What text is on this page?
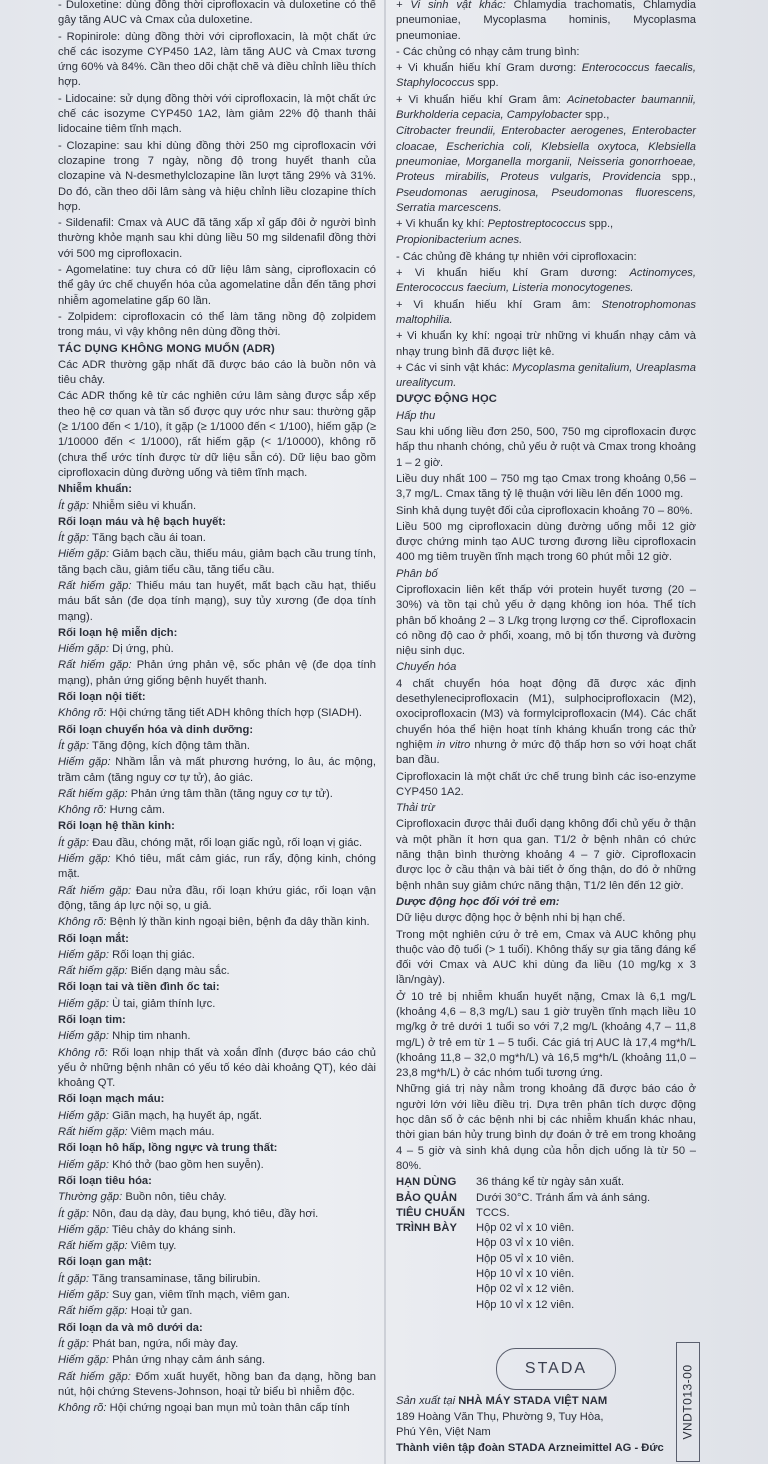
- Duloxetine: dùng đồng thời ciprofloxacin và duloxetine có thể gây tăng AUC và Cmax của duloxetine.

- Ropinirole: dùng đồng thời với ciprofloxacin, là một chất ức chế các isozyme CYP450 1A2, làm tăng AUC và Cmax tương ứng 60% và 84%. Cần theo dõi chặt chẽ và điều chỉnh liều thích hợp.

- Lidocaine: sử dụng đồng thời với ciprofloxacin, là một chất ức chế các isozyme CYP450 1A2, làm giảm 22% độ thanh thải lidocaine tiêm tĩnh mạch.

- Clozapine: sau khi dùng đồng thời 250 mg ciprofloxacin với clozapine trong 7 ngày, nồng độ trong huyết thanh của clozapine và N-desmethylclozapine lần lượt tăng 29% và 31%. Do đó, cần theo dõi lâm sàng và hiệu chỉnh liều clozapine thích hợp.

- Sildenafil: Cmax và AUC đã tăng xấp xỉ gấp đôi ở người bình thường khỏe mạnh sau khi dùng liều 50 mg sildenafil đồng thời với 500 mg ciprofloxacin.

- Agomelatine: tuy chưa có dữ liệu lâm sàng, ciprofloxacin có thể gây ức chế chuyển hóa của agomelatine dẫn đến tăng phơi nhiễm agomelatine gấp 60 lần.

- Zolpidem: ciprofloxacin có thể làm tăng nồng độ zolpidem trong máu, vì vậy không nên dùng đồng thời.

TÁC DỤNG KHÔNG MONG MUỐN (ADR)

Các ADR thường gặp nhất đã được báo cáo là buồn nôn và tiêu chảy.

Các ADR thống kê từ các nghiên cứu lâm sàng được sắp xếp theo hệ cơ quan và tần số được quy ước như sau: thường gặp (≥ 1/100 đến < 1/10), ít gặp (≥ 1/1000 đến < 1/100), hiếm gặp (≥ 1/10000 đến < 1/1000), rất hiếm gặp (< 1/10000), không rõ (chưa thể ước tính được từ dữ liệu sẵn có). Dữ liệu bao gồm ciprofloxacin dùng đường uống và tiêm tĩnh mạch.

Nhiễm khuẩn:

Ít gặp: Nhiễm siêu vi khuẩn.

Rối loạn máu và hệ bạch huyết:

Ít gặp: Tăng bạch cầu ái toan.

Hiếm gặp: Giảm bạch cầu, thiếu máu, giảm bạch cầu trung tính, tăng bạch cầu, giảm tiểu cầu, tăng tiểu cầu.

Rất hiếm gặp: Thiếu máu tan huyết, mất bạch cầu hạt, thiếu máu bất sản (đe dọa tính mạng), suy tủy xương (đe dọa tính mạng).

Rối loạn hệ miễn dịch:

Hiếm gặp: Dị ứng, phù.

Rất hiếm gặp: Phản ứng phản vệ, sốc phản vệ (đe dọa tính mạng), phản ứng giống bệnh huyết thanh.

Rối loạn nội tiết:

Không rõ: Hội chứng tăng tiết ADH không thích hợp (SIADH).

Rối loạn chuyển hóa và dinh dưỡng:

Ít gặp: Tăng động, kích động tâm thần.

Hiếm gặp: Nhầm lẫn và mất phương hướng, lo âu, ác mộng, trầm cảm (tăng nguy cơ tự tử), ảo giác.

Rất hiếm gặp: Phản ứng tâm thần (tăng nguy cơ tự tử).

Không rõ: Hưng cảm.

Rối loạn hệ thần kinh:

Ít gặp: Đau đầu, chóng mặt, rối loạn giấc ngủ, rối loạn vị giác.

Hiếm gặp: Khó tiêu, mất cảm giác, run rẩy, động kinh, chóng mặt.

Rất hiếm gặp: Đau nửa đầu, rối loạn khứu giác, rối loạn vận động, tăng áp lực nội sọ, u giả.

Không rõ: Bệnh lý thần kinh ngoại biên, bệnh đa dây thần kinh.

Rối loạn mắt:

Hiếm gặp: Rối loạn thị giác.

Rất hiếm gặp: Biến dạng màu sắc.

Rối loạn tai và tiền đình ốc tai:

Hiếm gặp: Ù tai, giảm thính lực.

Rối loạn tim:

Hiếm gặp: Nhịp tim nhanh.

Không rõ: Rối loạn nhịp thất và xoắn đỉnh (được báo cáo chủ yếu ở những bệnh nhân có yếu tố kéo dài khoảng QT), kéo dài khoảng QT.

Rối loạn mạch máu:

Hiếm gặp: Giãn mạch, hạ huyết áp, ngất.

Rất hiếm gặp: Viêm mạch máu.

Rối loạn hô hấp, lồng ngực và trung thất:

Hiếm gặp: Khó thở (bao gồm hen suyễn).

Rối loạn tiêu hóa:

Thường gặp: Buồn nôn, tiêu chảy.

Ít gặp: Nôn, đau dạ dày, đau bụng, khó tiêu, đầy hơi.

Hiếm gặp: Tiêu chảy do kháng sinh.

Rất hiếm gặp: Viêm tụy.

Rối loạn gan mật:

Ít gặp: Tăng transaminase, tăng bilirubin.

Hiếm gặp: Suy gan, viêm tĩnh mạch, viêm gan.

Rất hiếm gặp: Hoại tử gan.

Rối loạn da và mô dưới da:

Ít gặp: Phát ban, ngứa, nổi mày đay.

Hiếm gặp: Phản ứng nhạy cảm ánh sáng.

Rất hiếm gặp: Đốm xuất huyết, hồng ban đa dạng, hồng ban nút, hội chứng Stevens-Johnson, hoại tử biểu bì nhiễm độc.

Không rõ: Hội chứng ngoại ban mụn mủ toàn thân cấp tính

+ Vi sinh vật khác: Chlamydia trachomatis, Chlamydia pneumoniae, Mycoplasma hominis, Mycoplasma pneumoniae.

- Các chủng có nhạy cảm trung bình:

+ Vi khuẩn hiếu khí Gram dương: Enterococcus faecalis, Staphylococcus spp.

+ Vi khuẩn hiếu khí Gram âm: Acinetobacter baumannii, Burkholderia cepacia, Campylobacter spp.,

Citrobacter freundii, Enterobacter aerogenes, Enterobacter cloacae, Escherichia coli, Klebsiella oxytoca, Klebsiella pneumoniae, Morganella morganii, Neisseria gonorrhoeae, Proteus mirabilis, Proteus vulgaris, Providencia spp., Pseudomonas aeruginosa, Pseudomonas fluorescens, Serratia marcescens.

+ Vi khuẩn kỵ khí: Peptostreptococcus spp.,

Propionibacterium acnes.

- Các chủng đề kháng tự nhiên với ciprofloxacin:

+ Vi khuẩn hiếu khí Gram dương: Actinomyces, Enterococcus faecium, Listeria monocytogenes.

+ Vi khuẩn hiếu khí Gram âm: Stenotrophomonas maltophilia.

+ Vi khuẩn kỵ khí: ngoại trừ những vi khuẩn nhạy cảm và nhạy trung bình đã được liệt kê.

+ Các vi sinh vật khác: Mycoplasma genitalium, Ureaplasma urealitycum.

DƯỢC ĐỘNG HỌC

Hấp thu

Sau khi uống liều đơn 250, 500, 750 mg ciprofloxacin được hấp thu nhanh chóng, chủ yếu ở ruột và Cmax trong khoảng 1 – 2 giờ.

Liều duy nhất 100 – 750 mg tạo Cmax trong khoảng 0,56 – 3,7 mg/L. Cmax tăng tỷ lệ thuận với liều lên đến 1000 mg.

Sinh khả dụng tuyệt đối của ciprofloxacin khoảng 70 – 80%.

Liều 500 mg ciprofloxacin dùng đường uống mỗi 12 giờ được chứng minh tạo AUC tương đương liều ciprofloxacin 400 mg tiêm truyền tĩnh mạch trong 60 phút mỗi 12 giờ.

Phân bố

Ciprofloxacin liên kết thấp với protein huyết tương (20 – 30%) và tồn tại chủ yếu ở dạng không ion hóa. Thể tích phân bố khoảng 2 – 3 L/kg trọng lượng cơ thể. Ciprofloxacin có nồng độ cao ở phổi, xoang, mô bị tổn thương và đường niệu sinh dục.

Chuyển hóa

4 chất chuyển hóa hoạt động đã được xác định desethyleneciprofloxacin (M1), sulphociprofloxacin (M2), oxociprofloxacin (M3) và formylciprofloxacin (M4). Các chất chuyển hóa thể hiện hoạt tính kháng khuẩn trong các thử nghiệm in vitro nhưng ở mức độ thấp hơn so với hoạt chất ban đầu.

Ciprofloxacin là một chất ức chế trung bình các iso-enzyme CYP450 1A2.

Thải trừ

Ciprofloxacin được thải đuổi dạng không đổi chủ yếu ở thận và một phần ít hơn qua gan. T1/2 ở bệnh nhân có chức năng thận bình thường khoảng 4 – 7 giờ. Ciprofloxacin được lọc ở cầu thận và bài tiết ở ống thận, do đó ở những bệnh nhân suy giảm chức năng thận, T1/2 lên đến 12 giờ.

Dược động học đối với trẻ em:

Dữ liệu dược động học ở bệnh nhi bị hạn chế.

Trong một nghiên cứu ở trẻ em, Cmax và AUC không phụ thuộc vào độ tuổi (> 1 tuổi). Không thấy sự gia tăng đáng kể đối với Cmax và AUC khi dùng đa liều (10 mg/kg x 3 lần/ngày).

Ở 10 trẻ bị nhiễm khuẩn huyết nặng, Cmax là 6,1 mg/L (khoảng 4,6 – 8,3 mg/L) sau 1 giờ truyền tĩnh mạch liều 10 mg/kg ở trẻ dưới 1 tuổi so với 7,2 mg/L (khoảng 4,7 – 11,8 mg/L) ở trẻ em từ 1 – 5 tuổi. Các giá trị AUC là 17,4 mg*h/L (khoảng 11,8 – 32,0 mg*h/L) và 16,5 mg*h/L (khoảng 11,0 – 23,8 mg*h/L) ở các nhóm tuổi tương ứng.

Những giá trị này nằm trong khoảng đã được báo cáo ở người lớn với liều điều trị. Dựa trên phân tích dược động học dân số ở các bệnh nhi bị các nhiễm khuẩn khác nhau, thời gian bán hủy trung bình dự đoán ở trẻ em trong khoảng 4 – 5 giờ và sinh khả dụng của hỗn dịch uống là từ 50 – 80%.

HẠN DÙNG	36 tháng kể từ ngày sản xuất.
BẢO QUẢN	Dưới 30°C. Tránh ẩm và ánh sáng.
TIÊU CHUẨN TCCS.
TRÌNH BÀY	Hộp 02 vỉ x 10 viên.
Hộp 03 vỉ x 10 viên.
Hộp 05 vỉ x 10 viên.
Hộp 10 vỉ x 10 viên.
Hộp 02 vỉ x 12 viên.
Hộp 10 vỉ x 12 viên.
STADA
Sản xuất tại NHÀ MÁY STADA VIỆT NAM
189 Hoàng Văn Thụ, Phường 9, Tuy Hòa,
Phú Yên, Việt Nam
Thành viên tập đoàn STADA Arzneimittel AG - Đức
VNDT013-00
